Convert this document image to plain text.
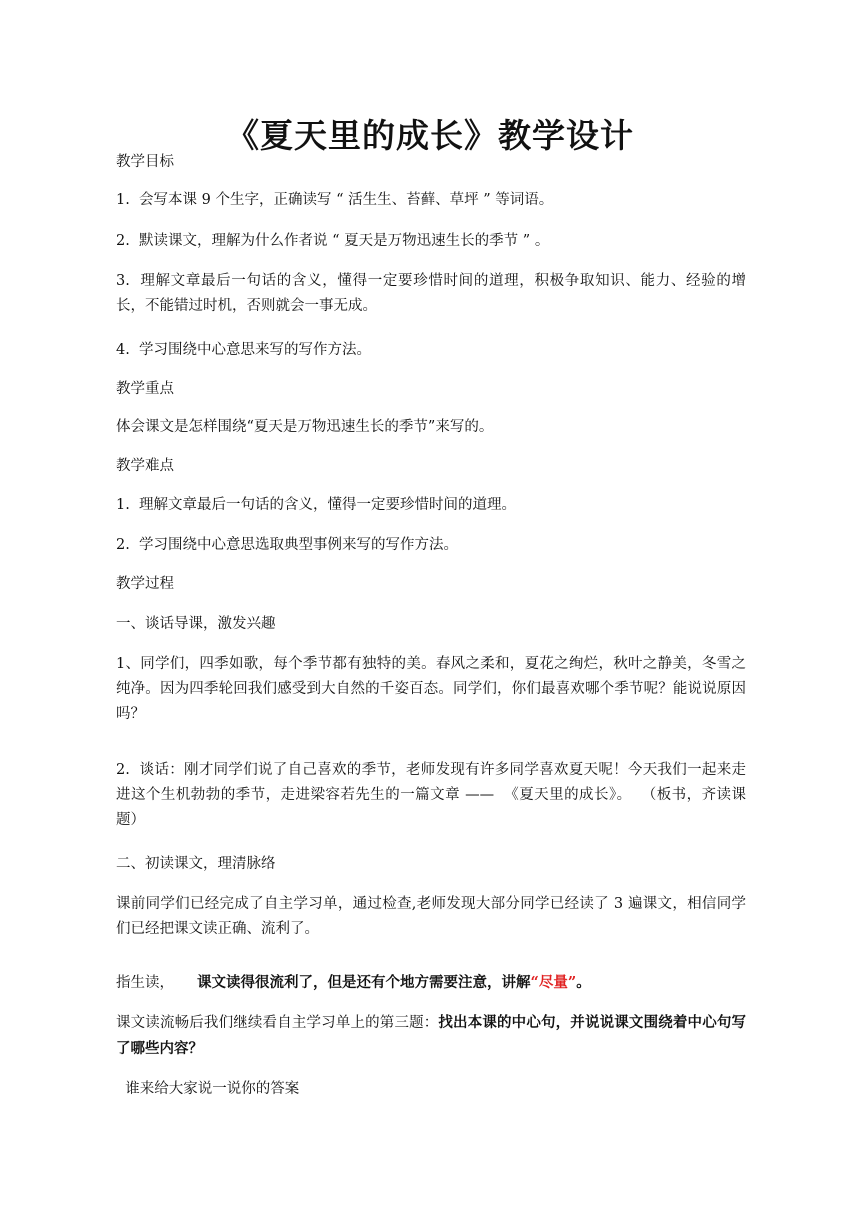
《夏天里的成长》教学设计

教学目标

1.  会写本课 9 个生字，正确读写 “ 活生生、苔藓、草坪 ” 等词语。

2.  默读课文，理解为什么作者说 “ 夏天是万物迅速生长的季节 ” 。

3.  理解文章最后一句话的含义，懂得一定要珍惜时间的道理，积极争取知识、能力、经验的增长，不能错过时机，否则就会一事无成。

4.  学习围绕中心意思来写的写作方法。

教学重点

体会课文是怎样围绕“夏天是万物迅速生长的季节”来写的。

教学难点

1.  理解文章最后一句话的含义，懂得一定要珍惜时间的道理。

2.  学习围绕中心意思选取典型事例来写的写作方法。

教学过程

一、谈话导课，激发兴趣

1、同学们，四季如歌，每个季节都有独特的美。春风之柔和，夏花之绚烂，秋叶之静美，冬雪之纯净。因为四季轮回我们感受到大自然的千姿百态。同学们，你们最喜欢哪个季节呢？能说说原因吗？

2.  谈话：刚才同学们说了自己喜欢的季节，老师发现有许多同学喜欢夏天呢！今天我们一起来走进这个生机勃勃的季节，走进梁容若先生的一篇文章 ——  《夏天里的成长》。  （板书，齐读课题）

二、初读课文，理清脉络

课前同学们已经完成了自主学习单，通过检查,老师发现大部分同学已经读了 3 遍课文，相信同学们已经把课文读正确、流利了。

指生读，     课文读得很流利了，但是还有个地方需要注意，讲解“尽量”。

课文读流畅后我们继续看自主学习单上的第三题：找出本课的中心句，并说说课文围绕着中心句写了哪些内容？

谁来给大家说一说你的答案
